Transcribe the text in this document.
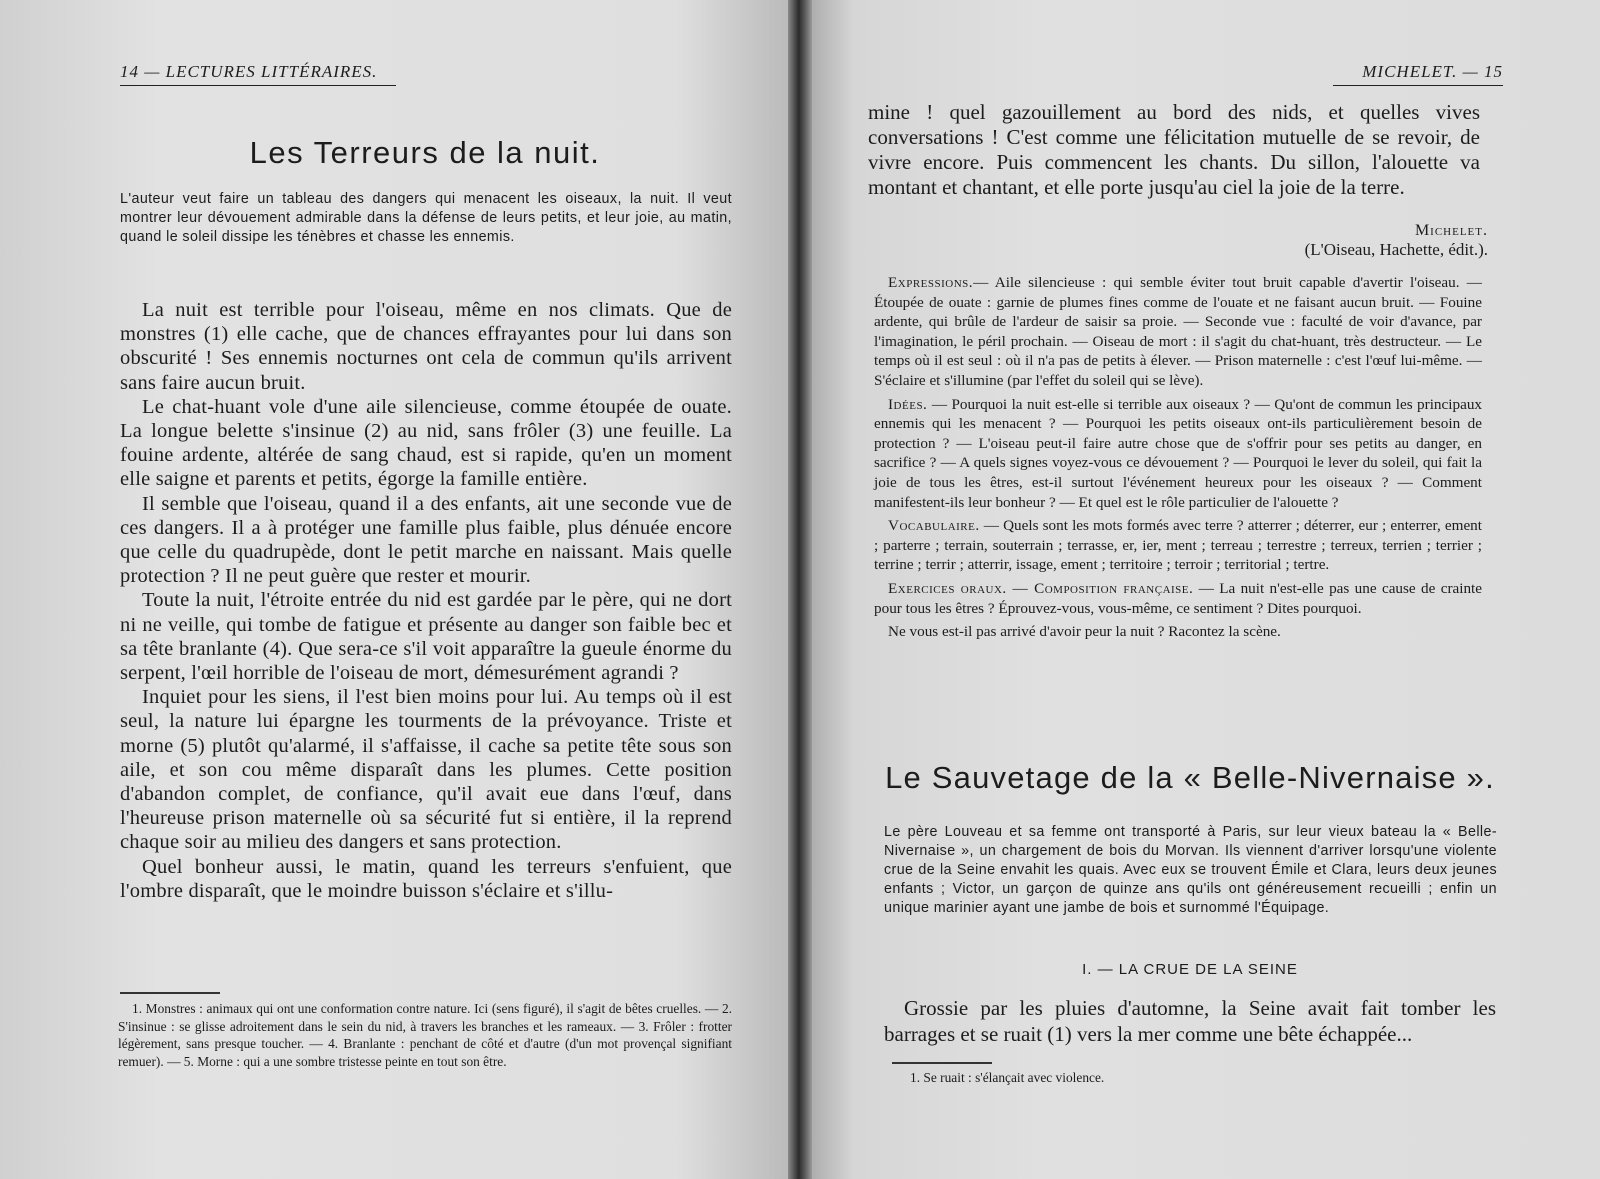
14 — LECTURES LITTÉRAIRES.
Les Terreurs de la nuit.
L'auteur veut faire un tableau des dangers qui menacent les oiseaux, la nuit. Il veut montrer leur dévouement admirable dans la défense de leurs petits, et leur joie, au matin, quand le soleil dissipe les ténèbres et chasse les ennemis.

La nuit est terrible pour l'oiseau, même en nos climats. Que de monstres (1) elle cache, que de chances effrayantes pour lui dans son obscurité ! Ses ennemis nocturnes ont cela de commun qu'ils arrivent sans faire aucun bruit.

Le chat-huant vole d'une aile silencieuse, comme étoupée de ouate. La longue belette s'insinue (2) au nid, sans frôler (3) une feuille. La fouine ardente, altérée de sang chaud, est si rapide, qu'en un moment elle saigne et parents et petits, égorge la famille entière.

Il semble que l'oiseau, quand il a des enfants, ait une seconde vue de ces dangers. Il a à protéger une famille plus faible, plus dénuée encore que celle du quadrupède, dont le petit marche en naissant. Mais quelle protection ? Il ne peut guère que rester et mourir.

Toute la nuit, l'étroite entrée du nid est gardée par le père, qui ne dort ni ne veille, qui tombe de fatigue et présente au danger son faible bec et sa tête branlante (4). Que sera-ce s'il voit apparaître la gueule énorme du serpent, l'œil horrible de l'oiseau de mort, démesurément agrandi ?

Inquiet pour les siens, il l'est bien moins pour lui. Au temps où il est seul, la nature lui épargne les tourments de la prévoyance. Triste et morne (5) plutôt qu'alarmé, il s'affaisse, il cache sa petite tête sous son aile, et son cou même disparaît dans les plumes. Cette position d'abandon complet, de confiance, qu'il avait eue dans l'œuf, dans l'heureuse prison maternelle où sa sécurité fut si entière, il la reprend chaque soir au milieu des dangers et sans protection.

Quel bonheur aussi, le matin, quand les terreurs s'enfuient, que l'ombre disparaît, que le moindre buisson s'éclaire et s'illu-

1. Monstres : animaux qui ont une conformation contre nature. Ici (sens figuré), il s'agit de bêtes cruelles. — 2. S'insinue : se glisse adroitement dans le sein du nid, à travers les branches et les rameaux. — 3. Frôler : frotter légèrement, sans presque toucher. — 4. Branlante : penchant de côté et d'autre (d'un mot provençal signifiant remuer). — 5. Morne : qui a une sombre tristesse peinte en tout son être.

MICHELET. — 15
mine ! quel gazouillement au bord des nids, et quelles vives conversations ! C'est comme une félicitation mutuelle de se revoir, de vivre encore. Puis commencent les chants. Du sillon, l'alouette va montant et chantant, et elle porte jusqu'au ciel la joie de la terre.
Michelet.
(L'Oiseau, Hachette, édit.).

Expressions.— Aile silencieuse : qui semble éviter tout bruit capable d'avertir l'oiseau. — Étoupée de ouate : garnie de plumes fines comme de l'ouate et ne faisant aucun bruit. — Fouine ardente, qui brûle de l'ardeur de saisir sa proie. — Seconde vue : faculté de voir d'avance, par l'imagination, le péril prochain. — Oiseau de mort : il s'agit du chat-huant, très destructeur. — Le temps où il est seul : où il n'a pas de petits à élever. — Prison maternelle : c'est l'œuf lui-même. — S'éclaire et s'illumine (par l'effet du soleil qui se lève).

Idées. — Pourquoi la nuit est-elle si terrible aux oiseaux ? — Qu'ont de commun les principaux ennemis qui les menacent ? — Pourquoi les petits oiseaux ont-ils particulièrement besoin de protection ? — L'oiseau peut-il faire autre chose que de s'offrir pour ses petits au danger, en sacrifice ? — A quels signes voyez-vous ce dévouement ? — Pourquoi le lever du soleil, qui fait la joie de tous les êtres, est-il surtout l'événement heureux pour les oiseaux ? — Comment manifestent-ils leur bonheur ? — Et quel est le rôle particulier de l'alouette ?

Vocabulaire. — Quels sont les mots formés avec terre ? atterrer ; déterrer, eur ; enterrer, ement ; parterre ; terrain, souterrain ; terrasse, er, ier, ment ; terreau ; terrestre ; terreux, terrien ; terrier ; terrine ; terrir ; atterrir, issage, ement ; territoire ; terroir ; territorial ; tertre.

Exercices oraux. — Composition française. — La nuit n'est-elle pas une cause de crainte pour tous les êtres ? Éprouvez-vous, vous-même, ce sentiment ? Dites pourquoi.

Ne vous est-il pas arrivé d'avoir peur la nuit ? Racontez la scène.

Le Sauvetage de la « Belle-Nivernaise ».
Le père Louveau et sa femme ont transporté à Paris, sur leur vieux bateau la « Belle-Nivernaise », un chargement de bois du Morvan. Ils viennent d'arriver lorsqu'une violente crue de la Seine envahit les quais. Avec eux se trouvent Émile et Clara, leurs deux jeunes enfants ; Victor, un garçon de quinze ans qu'ils ont généreusement recueilli ; enfin un unique marinier ayant une jambe de bois et surnommé l'Équipage.
I. — LA CRUE DE LA SEINE

Grossie par les pluies d'automne, la Seine avait fait tomber les barrages et se ruait (1) vers la mer comme une bête échappée...

1. Se ruait : s'élançait avec violence.
